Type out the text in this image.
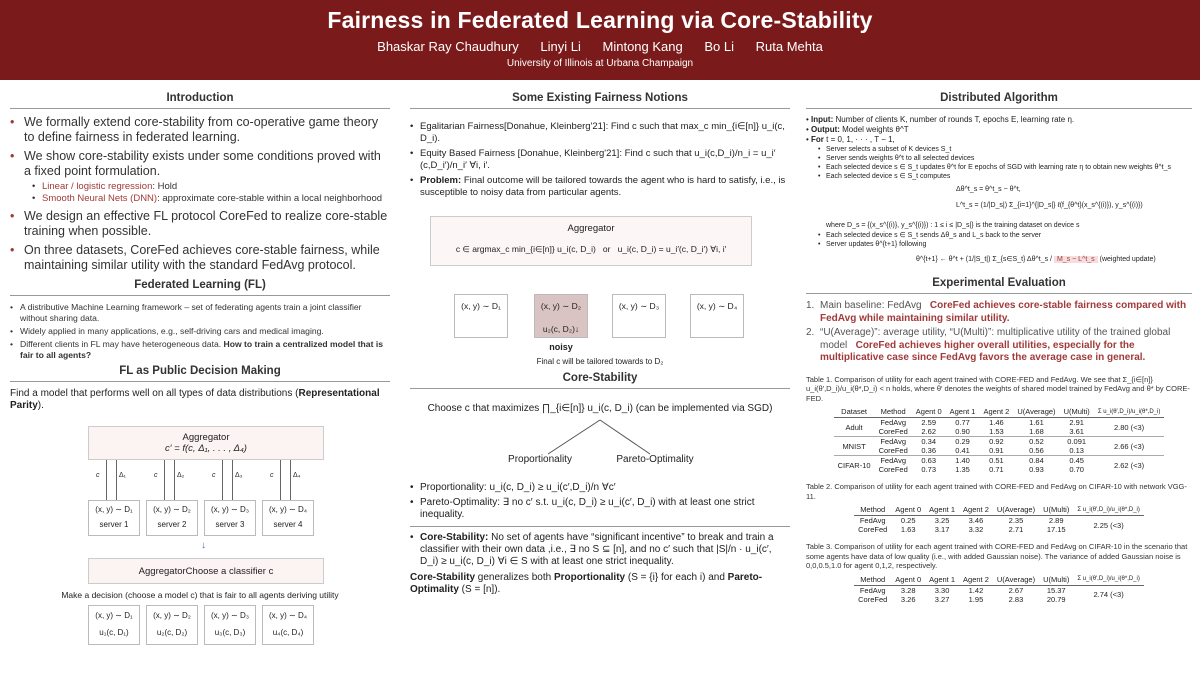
Fairness in Federated Learning via Core-Stability
Bhaskar Ray Chaudhury Linyi Li Mintong Kang Bo Li Ruta Mehta
University of Illinois at Urbana Champaign
Introduction
• We formally extend core-stability from co-operative game theory to define fairness in federated learning.
• We show core-stability exists under some conditions proved with a fixed point formulation.
• Linear / logistic regression: Hold
• Smooth Neural Nets (DNN): approximate core-stable within a local neighborhood
• We design an effective FL protocol CoreFed to realize core-stable training when possible.
• On three datasets, CoreFed achieves core-stable fairness, while maintaining similar utility with the standard FedAvg protocol.
Federated Learning (FL)
• A distributive Machine Learning framework – set of federating agents train a joint classifier without sharing data.
• Widely applied in many applications, e.g., self-driving cars and medical imaging.
• Different clients in FL may have heterogeneous data. How to train a centralized model that is fair to all agents?
FL as Public Decision Making
Find a model that performs well on all types of data distributions (Representational Parity).
Aggregator
c′ = f(c, Δ₁, . . . , Δ₄)
c	Δ₁	c	Δ₂	c	Δ₃	c	Δ₄
(x, y) ∼ D₁
server 1
(x, y) ∼ D₂
server 2
(x, y) ∼ D₃
server 3
(x, y) ∼ D₄
server 4
↓
AggregatorChoose a classifier c
Make a decision (choose a model c) that is fair to all agents deriving utility
(x, y) ∼ D₁
u₁(c, D₁)
(x, y) ∼ D₂
u₂(c, D₂)
(x, y) ∼ D₃
u₃(c, D₃)
(x, y) ∼ D₄
u₄(c, D₄)
Some Existing Fairness Notions
• Egalitarian Fairness[Donahue, Kleinberg'21]: Find c such that max_c min_{i∈[n]} u_i(c, D_i).
• Equity Based Fairness [Donahue, Kleinberg'21]: Find c such that u_i(c,D_i)/n_i = u_i′(c,D_i′)/n_i′ ∀i, i′.
• Problem: Final outcome will be tailored towards the agent who is hard to satisfy, i.e., is susceptible to noisy data from particular agents.
Aggregator
c ∈ argmax_c min_{i∈[n]} u_i(c, D_i) or u_i(c, D_i) = u_i′(c, D_i′) ∀i, i′
(x, y) ∼ D₁	(x, y) ∼ D₂
u₂(c, D₂)↓
(x, y) ∼ D₃	(x, y) ∼ D₄
noisy
Final c will be tailored towards to D₂
Core-Stability
Choose c that maximizes ∏_{i∈[n]} u_i(c, D_i) (can be implemented via SGD)
Proportionality	Pareto-Optimality
• Proportionality: u_i(c, D_i) ≥ u_i(c′,D_i)/n ∀c′
• Pareto-Optimality: ∃ no c′ s.t. u_i(c, D_i) ≥ u_i(c′, D_i) with at least one strict inequality.
• Core-Stability: No set of agents have “significant incentive” to break and train a classifier with their own data ,i.e., ∃ no S ⊆ [n], and no c′ such that |S|/n · u_i(c′, D_i) ≥ u_i(c, D_i) ∀i ∈ S with at least one strict inequality.
Core-Stability generalizes both Proportionality (S = {i} for each i) and Pareto-Optimality (S = [n]).
Distributed Algorithm
• Input: Number of clients K, number of rounds T, epochs E, learning rate η.
• Output: Model weights θ^T
• For t = 0, 1, · · · , T − 1,
• Server selects a subset of K devices S_t
• Server sends weights θ^t to all selected devices
• Each selected device s ∈ S_t updates θ^t for E epochs of SGD with learning rate η to obtain new weights θ^t_s
• Each selected device s ∈ S_t computes
Δθ^t_s = θ^t_s − θ^t,
L^t_s = (1/|D_s|) Σ_{i=1}^{|D_s|} ℓ(f_{θ^t}(x_s^{(i)}), y_s^{(i)})
where D_s = {(x_s^{(i)}, y_s^{(i)}) : 1 ≤ i ≤ |D_s|} is the training dataset on device s
• Each selected device s ∈ S_t sends Δθ_s and L_s back to the server
• Server updates θ^{t+1} following
θ^{t+1} ← θ^t + (1/|S_t|) Σ_{s∈S_t} Δθ^t_s / M_s − L^t_s (weighted update)
Experimental Evaluation
1. Main baseline: FedAvg CoreFed achieves core-stable fairness compared with FedAvg while maintaining similar utility.
2. “U(Average)”: average utility, “U(Multi)”: multiplicative utility of the trained global model CoreFed achieves higher overall utilities, especially for the multiplicative case since FedAvg favors the average case in general.
Table 1. Comparison of utility for each agent trained with CORE-FED and FedAvg. We see that Σ_{i∈[n]} u_i(θ′,D_i)/u_i(θ*,D_i) < n holds, where θ′ denotes the weights of shared model trained by FedAvg and θ* by CORE-FED.
Dataset	Method	Agent 0	Agent 1	Agent 2	U(Average)	U(Multi)	Σ u_i(θ′,D_i)/u_i(θ*,D_i)
Adult	FedAvg	2.59	0.77	1.46	1.61	2.91	2.80 (<3)
	CoreFed	2.62	0.90	1.53	1.68	3.61	
MNIST	FedAvg	0.34	0.29	0.92	0.52	0.091	2.66 (<3)
	CoreFed	0.36	0.41	0.91	0.56	0.13	
CIFAR-10	FedAvg	0.63	1.40	0.51	0.84	0.45	2.62 (<3)
	CoreFed	0.73	1.35	0.71	0.93	0.70	
Table 2. Comparison of utility for each agent trained with CORE-FED and FedAvg on CIFAR-10 with network VGG-11.
Method	Agent 0	Agent 1	Agent 2	U(Average)	U(Multi)	Σ u_i(θ′,D_i)/u_i(θ*,D_i)
FedAvg	0.25	3.25	3.46	2.35	2.89	2.25 (<3)
CoreFed	1.63	3.17	3.32	2.71	17.15	
Table 3. Comparison of utility for each agent trained with CORE-FED and FedAvg on CIFAR-10 in the scenario that some agents have data of low quality (i.e., with added Gaussian noise). The variance of added Gaussian noise is 0,0,0.5,1.0 for agent 0,1,2, respectively.
Method	Agent 0	Agent 1	Agent 2	U(Average)	U(Multi)	Σ u_i(θ′,D_i)/u_i(θ*,D_i)
FedAvg	3.28	3.30	1.42	2.67	15.37	2.74 (<3)
CoreFed	3.26	3.27	1.95	2.83	20.79	
